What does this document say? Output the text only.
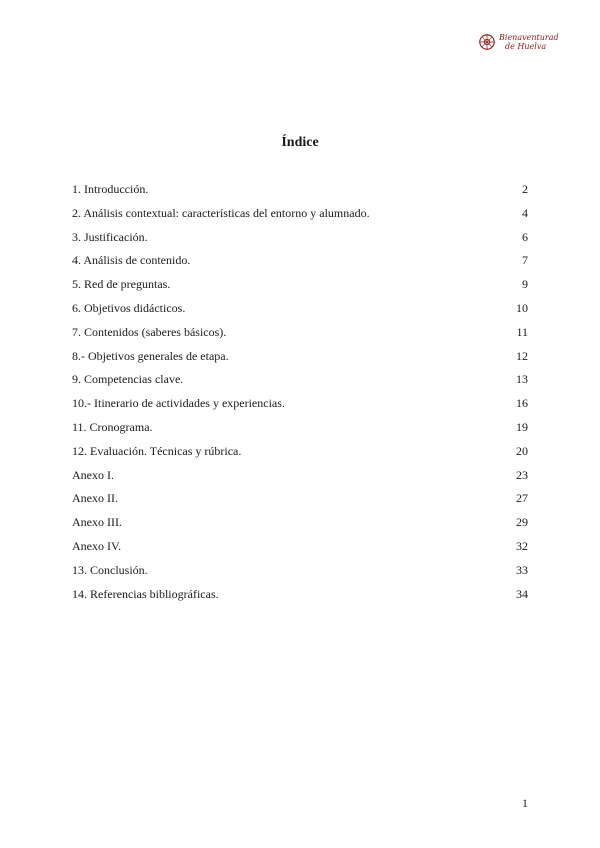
Bienaventurad
de Huelva
Índice
1. Introducción.	2
2. Análisis contextual: características del entorno y alumnado.	4
3. Justificación.	6
4. Análisis de contenido.	7
5. Red de preguntas.	9
6. Objetivos didácticos.	10
7. Contenidos (saberes básicos).	11
8.- Objetivos generales de etapa.	12
9. Competencias clave.	13
10.- Itinerario de actividades y experiencias.	16
11. Cronograma.	19
12. Evaluación. Técnicas y rúbrica.	20
Anexo I.	23
Anexo II.	27
Anexo III.	29
Anexo IV.	32
13. Conclusión.	33
14. Referencias bibliográficas.	34
1
